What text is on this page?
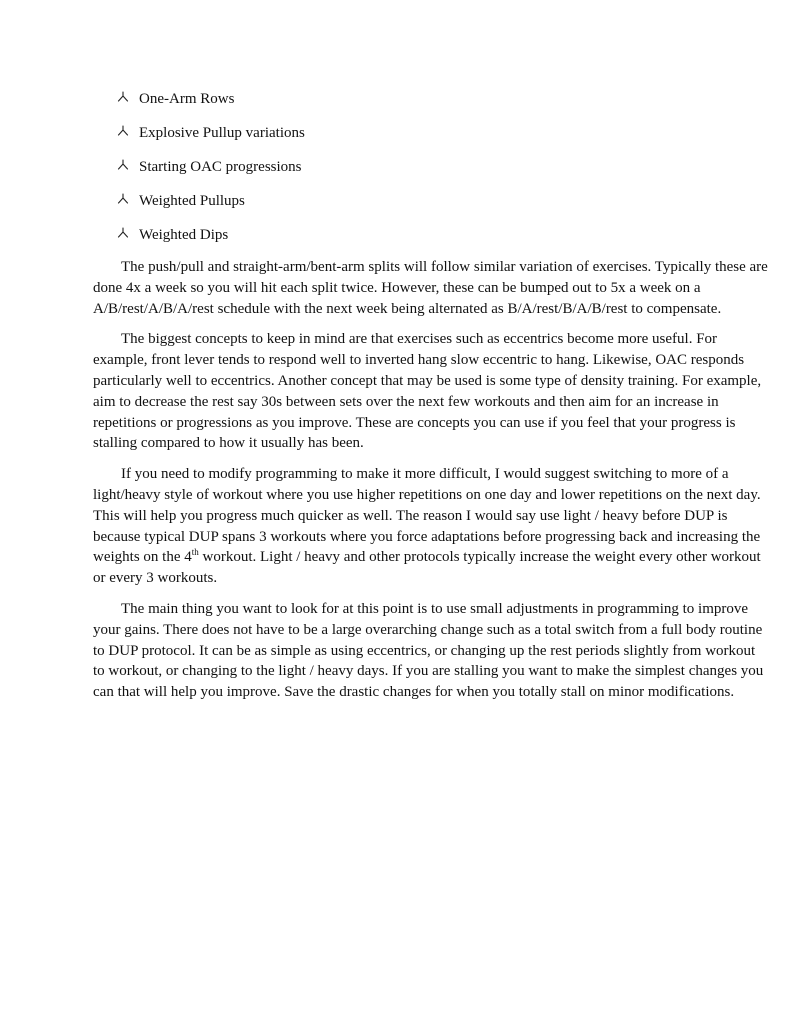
One-Arm Rows
Explosive Pullup variations
Starting OAC progressions
Weighted Pullups
Weighted Dips

The push/pull and straight-arm/bent-arm splits will follow similar variation of exercises. Typically these are done 4x a week so you will hit each split twice. However, these can be bumped out to 5x a week on a A/B/rest/A/B/A/rest schedule with the next week being alternated as B/A/rest/B/A/B/rest to compensate.

The biggest concepts to keep in mind are that exercises such as eccentrics become more useful. For example, front lever tends to respond well to inverted hang slow eccentric to hang. Likewise, OAC responds particularly well to eccentrics. Another concept that may be used is some type of density training. For example, aim to decrease the rest say 30s between sets over the next few workouts and then aim for an increase in repetitions or progressions as you improve. These are concepts you can use if you feel that your progress is stalling compared to how it usually has been.

If you need to modify programming to make it more difficult, I would suggest switching to more of a light/heavy style of workout where you use higher repetitions on one day and lower repetitions on the next day. This will help you progress much quicker as well. The reason I would say use light / heavy before DUP is because typical DUP spans 3 workouts where you force adaptations before progressing back and increasing the weights on the 4th workout. Light / heavy and other protocols typically increase the weight every other workout or every 3 workouts.

The main thing you want to look for at this point is to use small adjustments in programming to improve your gains. There does not have to be a large overarching change such as a total switch from a full body routine to DUP protocol. It can be as simple as using eccentrics, or changing up the rest periods slightly from workout to workout, or changing to the light / heavy days. If you are stalling you want to make the simplest changes you can that will help you improve. Save the drastic changes for when you totally stall on minor modifications.
